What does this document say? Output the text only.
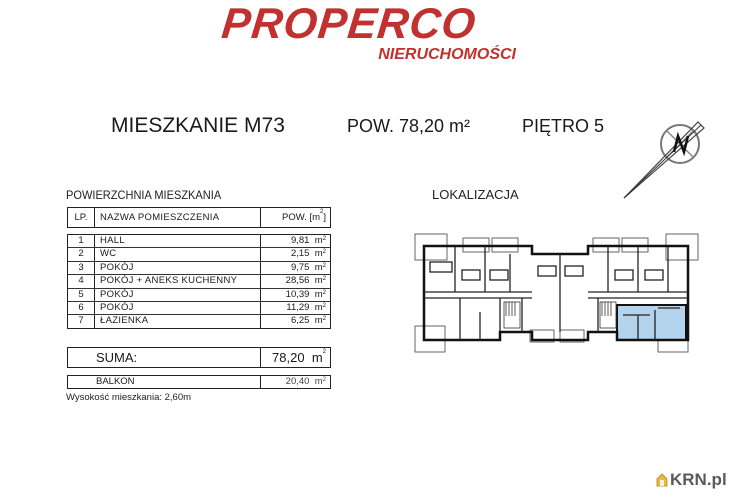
PROPERCO
NIERUCHOMOŚCI
MIESZKANIE M73	POW. 78,20 m²	PIĘTRO 5
POWIERZCHNIA MIESZKANIA
LP.	NAZWA POMIESZCZENIA	POW. $[m^2]$
1	HALL	9,81  $m^2$
2	WC	2,15  $m^2$
3	POKÓJ	9,75  $m^2$
4	POKÓJ + ANEKS KUCHENNY	28,56  $m^2$
5	POKÓJ	10,39  $m^2$
6	POKÓJ	11,29  $m^2$
7	ŁAZIENKA	6,25  $m^2$
SUMA:	78,20  $m^2$
BALKON	20,40  $m^2$
Wysokość mieszkania: 2,60m
LOKALIZACJA
KRN.pl
